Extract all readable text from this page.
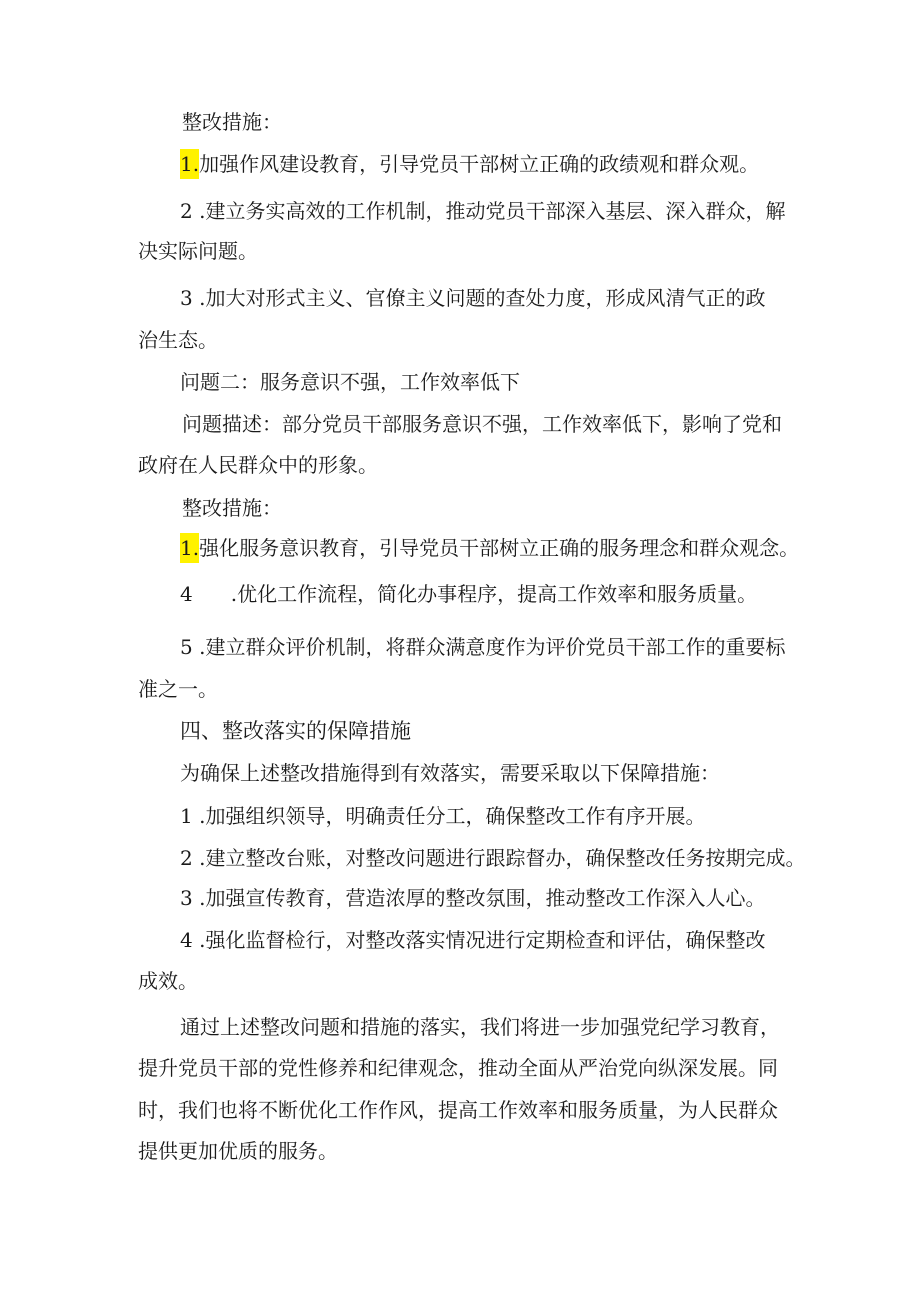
整改措施：
1.加强作风建设教育，引导党员干部树立正确的政绩观和群众观。
2 .建立务实高效的工作机制，推动党员干部深入基层、深入群众，解
决实际问题。
3 .加大对形式主义、官僚主义问题的查处力度，形成风清气正的政
治生态。
问题二：服务意识不强，工作效率低下
问题描述：部分党员干部服务意识不强，工作效率低下，影响了党和
政府在人民群众中的形象。
整改措施：
1.强化服务意识教育，引导党员干部树立正确的服务理念和群众观念。
4 .优化工作流程，简化办事程序，提高工作效率和服务质量。
5 .建立群众评价机制，将群众满意度作为评价党员干部工作的重要标
准之一。
四、整改落实的保障措施
为确保上述整改措施得到有效落实，需要采取以下保障措施：
1 .加强组织领导，明确责任分工，确保整改工作有序开展。
2 .建立整改台账，对整改问题进行跟踪督办，确保整改任务按期完成。
3 .加强宣传教育，营造浓厚的整改氛围，推动整改工作深入人心。
4 .强化监督检行，对整改落实情况进行定期检查和评估，确保整改
成效。
通过上述整改问题和措施的落实，我们将进一步加强党纪学习教育，
提升党员干部的党性修养和纪律观念，推动全面从严治党向纵深发展。同
时，我们也将不断优化工作作风，提高工作效率和服务质量，为人民群众
提供更加优质的服务。
